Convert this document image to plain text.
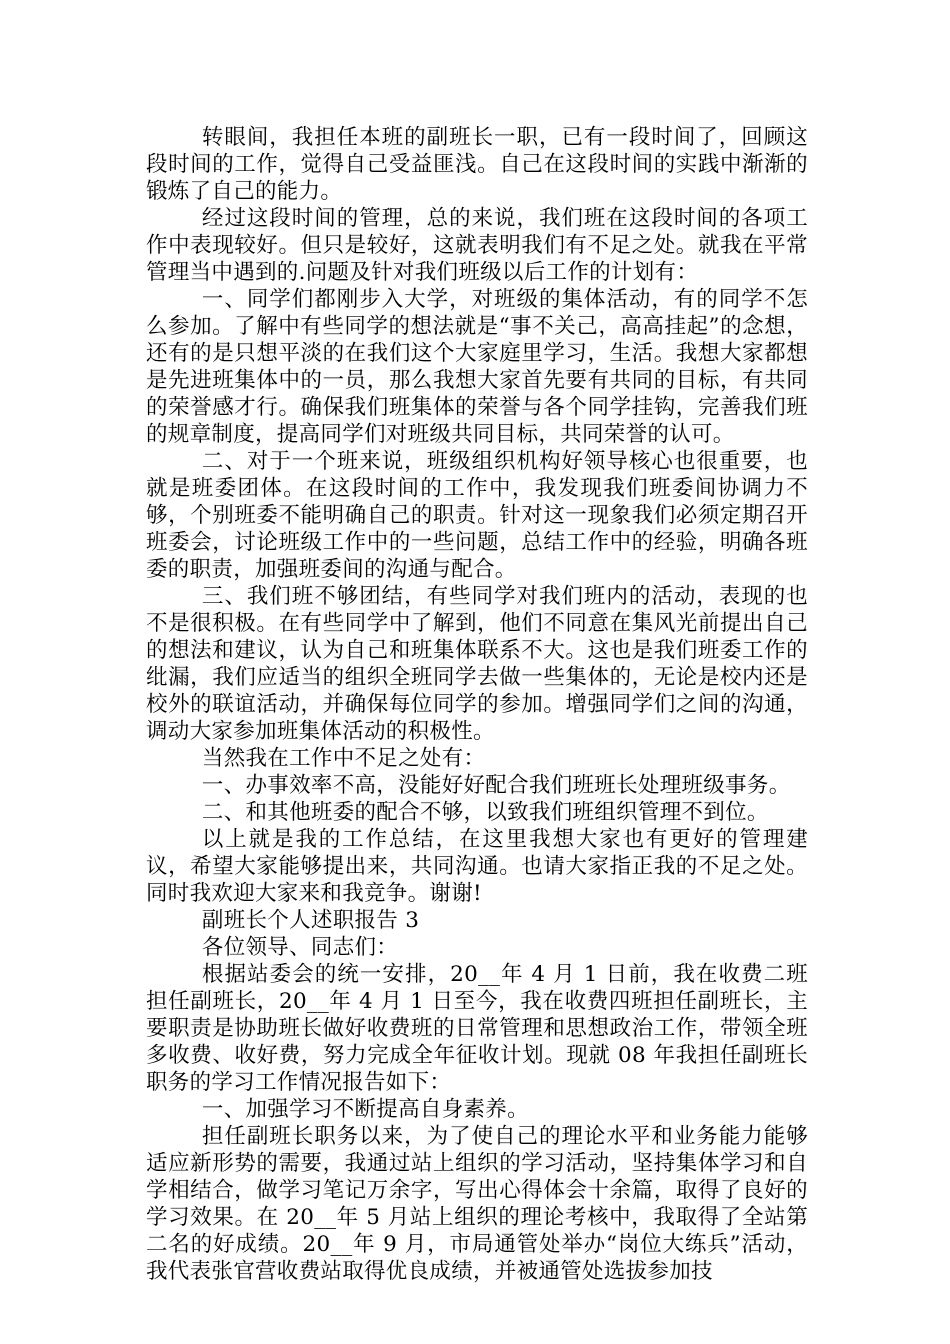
转眼间，我担任本班的副班长一职，已有一段时间了，回顾这段时间的工作，觉得自己受益匪浅。自己在这段时间的实践中渐渐的锻炼了自己的能力。

经过这段时间的管理，总的来说，我们班在这段时间的各项工作中表现较好。但只是较好，这就表明我们有不足之处。就我在平常管理当中遇到的.问题及针对我们班级以后工作的计划有：

一、同学们都刚步入大学，对班级的集体活动，有的同学不怎么参加。了解中有些同学的想法就是“事不关己，高高挂起”的念想，还有的是只想平淡的在我们这个大家庭里学习，生活。我想大家都想是先进班集体中的一员，那么我想大家首先要有共同的目标，有共同的荣誉感才行。确保我们班集体的荣誉与各个同学挂钩，完善我们班的规章制度，提高同学们对班级共同目标，共同荣誉的认可。

二、对于一个班来说，班级组织机构好领导核心也很重要，也就是班委团体。在这段时间的工作中，我发现我们班委间协调力不够，个别班委不能明确自己的职责。针对这一现象我们必须定期召开班委会，讨论班级工作中的一些问题，总结工作中的经验，明确各班委的职责，加强班委间的沟通与配合。

三、我们班不够团结，有些同学对我们班内的活动，表现的也不是很积极。在有些同学中了解到，他们不同意在集风光前提出自己的想法和建议，认为自己和班集体联系不大。这也是我们班委工作的纰漏，我们应适当的组织全班同学去做一些集体的，无论是校内还是校外的联谊活动，并确保每位同学的参加。增强同学们之间的沟通，调动大家参加班集体活动的积极性。

当然我在工作中不足之处有：

一、办事效率不高，没能好好配合我们班班长处理班级事务。

二、和其他班委的配合不够，以致我们班组织管理不到位。

以上就是我的工作总结，在这里我想大家也有更好的管理建议，希望大家能够提出来，共同沟通。也请大家指正我的不足之处。同时我欢迎大家来和我竞争。谢谢!

副班长个人述职报告 3

各位领导、同志们：

根据站委会的统一安排，20__年 4 月 1 日前，我在收费二班担任副班长，20__年 4 月 1 日至今，我在收费四班担任副班长，主要职责是协助班长做好收费班的日常管理和思想政治工作，带领全班多收费、收好费，努力完成全年征收计划。现就 08 年我担任副班长职务的学习工作情况报告如下：

一、加强学习不断提高自身素养。

担任副班长职务以来，为了使自己的理论水平和业务能力能够适应新形势的需要，我通过站上组织的学习活动，坚持集体学习和自学相结合，做学习笔记万余字，写出心得体会十余篇，取得了良好的学习效果。在 20__年 5 月站上组织的理论考核中，我取得了全站第二名的好成绩。20__年 9 月，市局通管处举办“岗位大练兵”活动，我代表张官营收费站取得优良成绩，并被通管处选拔参加技
